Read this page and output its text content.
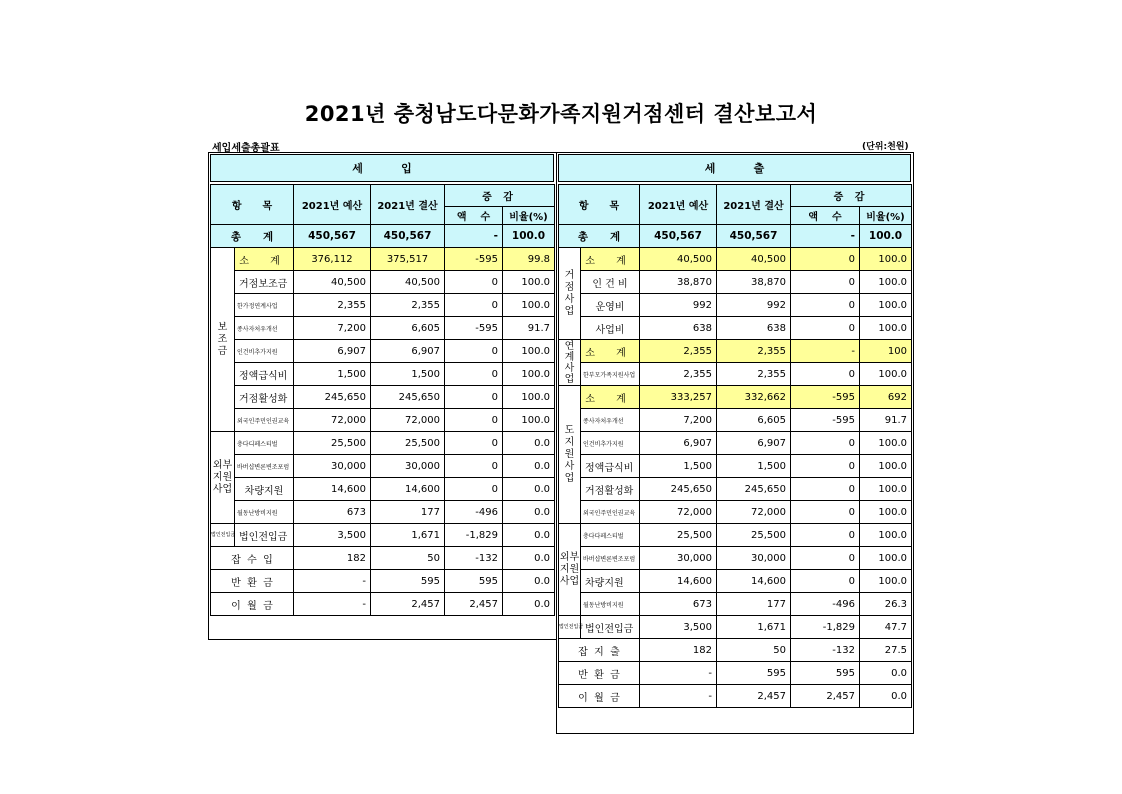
2021년 충청남도다문화가족지원거점센터 결산보고서
세입세출총괄표	(단위:천원)
세          입
항      목		2021년 예산	2021년 결산	증 감	
				액    수	비율(%)
총      계		450,567	450,567	-	100.0
보
조
금	소 계	376,112	375,517	-595	99.8
	거점보조금	40,500	40,500	0	100.0
	한가정연계사업	2,355	2,355	0	100.0
	종사자처우개선	7,200	6,605	-595	91.7
	인건비추가지원	6,907	6,907	0	100.0
	정액급식비	1,500	1,500	0	100.0
	거점활성화	245,650	245,650	0	100.0
	외국인주민인권교육	72,000	72,000	0	100.0
외부
지원
사업	충다디페스티벌	25,500	25,500	0	0.0
	바버샵변론변조포럼	30,000	30,000	0	0.0
	차량지원	14,600	14,600	0	0.0
	월동난방비지원	673	177	-496	0.0
법인전입금	법인전입금	3,500	1,671	-1,829	0.0
잡  수  입		182	50	-132	0.0
반  환  금		-	595	595	0.0
이  월  금		-	2,457	2,457	0.0
세          출
항      목		2021년 예산	2021년 결산	증 감	
				액    수	비율(%)
총      계		450,567	450,567	-	100.0
거
점
사
업	소 계	40,500	40,500	0	100.0
	인 건 비	38,870	38,870	0	100.0
	운영비	992	992	0	100.0
	사업비	638	638	0	100.0
연
계
사
업	소 계	2,355	2,355	-	100
	한부모가족지원사업	2,355	2,355	0	100.0
도
지
원
사
업	소 계	333,257	332,662	-595	692
	종사자처우개선	7,200	6,605	-595	91.7
	인건비추가지원	6,907	6,907	0	100.0
	정액급식비	1,500	1,500	0	100.0
	거점활성화	245,650	245,650	0	100.0
	외국인주민인권교육	72,000	72,000	0	100.0
외부
지원
사업	충다다페스티벌	25,500	25,500	0	100.0
	바버샵변론변조포럼	30,000	30,000	0	100.0
	차량지원	14,600	14,600	0	100.0
	월동난방비지원	673	177	-496	26.3
법인전입금	법인전입금	3,500	1,671	-1,829	47.7
잡  지  출		182	50	-132	27.5
반  환  금		-	595	595	0.0
이  월  금		-	2,457	2,457	0.0
